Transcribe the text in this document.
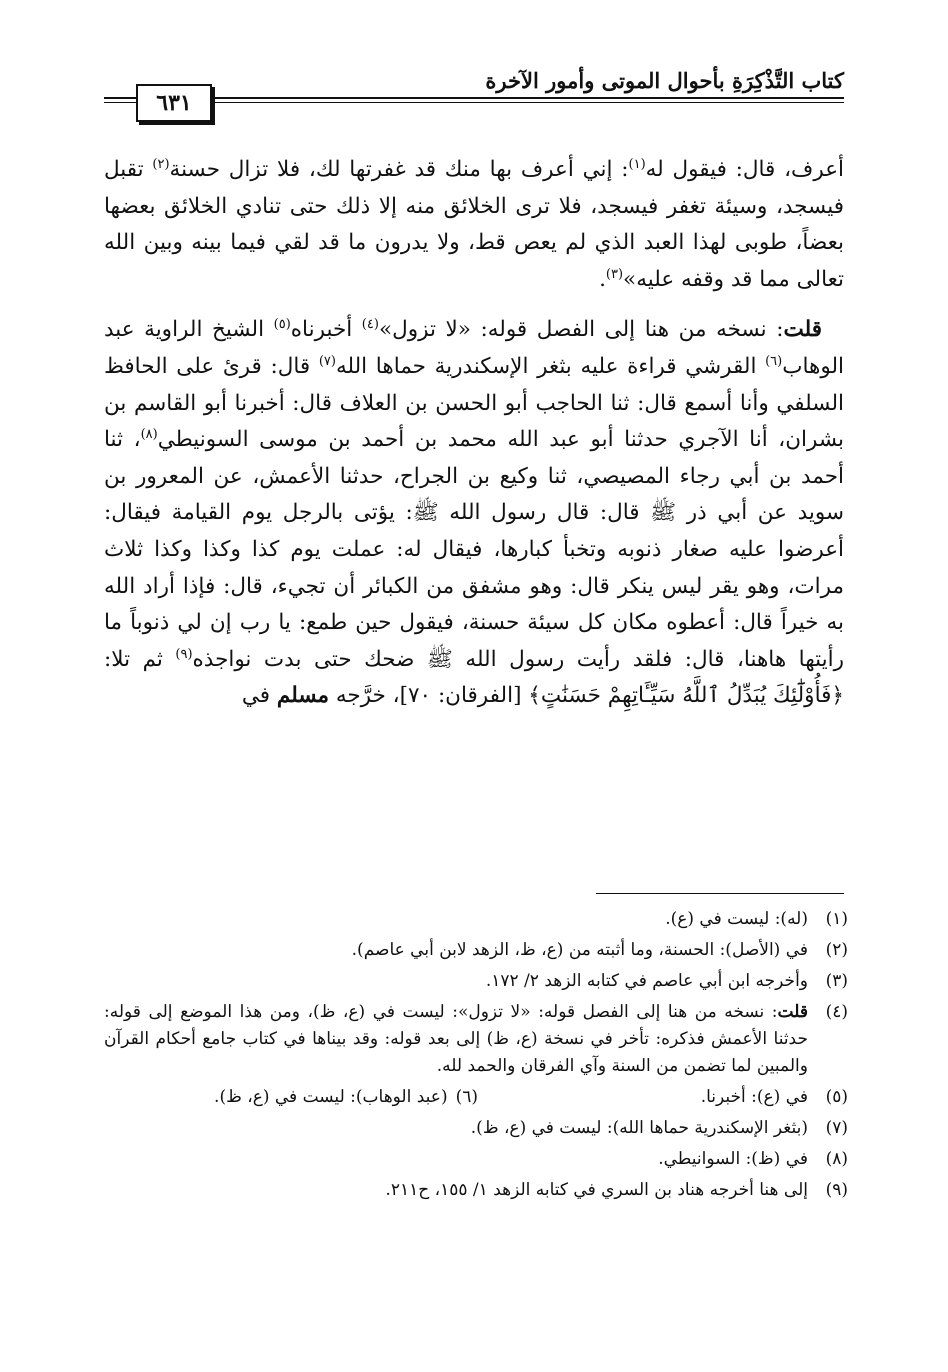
كتاب التَّذْكِرَةِ بأحوال الموتى وأمور الآخرة
٦٣١

أعرف، قال: فيقول له$^{(١)}$: إني أعرف بها منك قد غفرتها لك، فلا تزال حسنة$^{(٢)}$ تقبل فيسجد، وسيئة تغفر فيسجد، فلا ترى الخلائق منه إلا ذلك حتى تنادي الخلائق بعضها بعضاً، طوبى لهذا العبد الذي لم يعص قط، ولا يدرون ما قد لقي فيما بينه وبين الله تعالى مما قد وقفه عليه»$^{(٣)}$.

قلت: نسخه من هنا إلى الفصل قوله: «لا تزول»$^{(٤)}$ أخبرناه$^{(٥)}$ الشيخ الراوية عبد الوهاب$^{(٦)}$ القرشي قراءة عليه بثغر الإسكندرية حماها الله$^{(٧)}$ قال: قرئ على الحافظ السلفي وأنا أسمع قال: ثنا الحاجب أبو الحسن بن العلاف قال: أخبرنا أبو القاسم بن بشران، أنا الآجري حدثنا أبو عبد الله محمد بن أحمد بن موسى السونيطي$^{(٨)}$، ثنا أحمد بن أبي رجاء المصيصي، ثنا وكيع بن الجراح، حدثنا الأعمش، عن المعرور بن سويد عن أبي ذر ﷺ قال: قال رسول الله ﷺ: يؤتى بالرجل يوم القيامة فيقال: أعرضوا عليه صغار ذنوبه وتخبأ كبارها، فيقال له: عملت يوم كذا وكذا وكذا ثلاث مرات، وهو يقر ليس ينكر قال: وهو مشفق من الكبائر أن تجيء، قال: فإذا أراد الله به خيراً قال: أعطوه مكان كل سيئة حسنة، فيقول حين طمع: يا رب إن لي ذنوباً ما رأيتها هاهنا، قال: فلقد رأيت رسول الله ﷺ ضحك حتى بدت نواجذه$^{(٩)}$ ثم تلا: ﴿فَأُوْلَٰٓئِكَ يُبَدِّلُ ٱللَّهُ سَيِّـَٔاتِهِمْ حَسَنَٰتٍ﴾ [الفرقان: ٧٠]، خرَّجه مسلم في

(١)
(له): ليست في (ع).
(٢)
في (الأصل): الحسنة، وما أثبته من (ع، ظ، الزهد لابن أبي عاصم).
(٣)
وأخرجه ابن أبي عاصم في كتابه الزهد ٢/ ١٧٢.
(٤)
قلت: نسخه من هنا إلى الفصل قوله: «لا تزول»: ليست في (ع، ظ)، ومن هذا الموضع إلى قوله: حدثنا الأعمش فذكره: تأخر في نسخة (ع، ظ) إلى بعد قوله: وقد بيناها في كتاب جامع أحكام القرآن والمبين لما تضمن من السنة وآي الفرقان والحمد لله.
(٥)
في (ع): أخبرنا.
(٦)(عبد الوهاب): ليست في (ع، ظ).
(٧)
(بثغر الإسكندرية حماها الله): ليست في (ع، ظ).
(٨)
في (ظ): السوانيطي.
(٩)
إلى هنا أخرجه هناد بن السري في كتابه الزهد ١/ ١٥٥، ح٢١١.
